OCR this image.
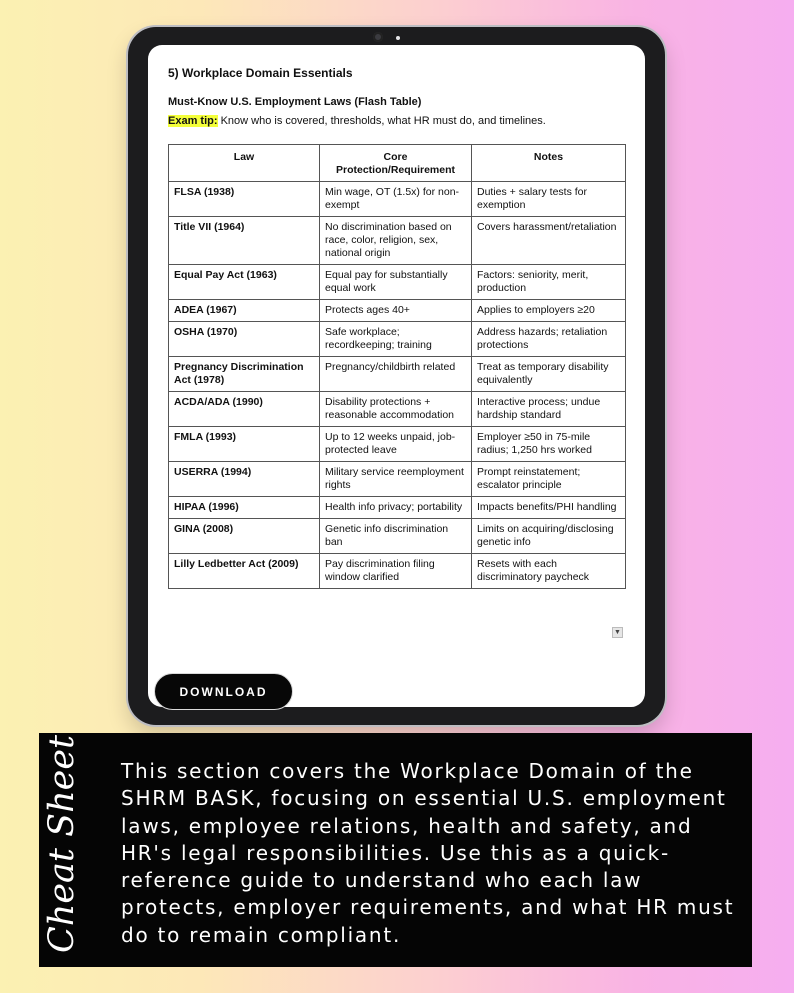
5) Workplace Domain Essentials
Must-Know U.S. Employment Laws (Flash Table)
Exam tip: Know who is covered, thresholds, what HR must do, and timelines.
Law	Core Protection/Requirement	Notes
FLSA (1938)	Min wage, OT (1.5x) for non-exempt	Duties + salary tests for exemption
Title VII (1964)	No discrimination based on race, color, religion, sex, national origin	Covers harassment/retaliation
Equal Pay Act (1963)	Equal pay for substantially equal work	Factors: seniority, merit, production
ADEA (1967)	Protects ages 40+	Applies to employers ≥20
OSHA (1970)	Safe workplace; recordkeeping; training	Address hazards; retaliation protections
Pregnancy Discrimination Act (1978)	Pregnancy/childbirth related	Treat as temporary disability equivalently
ACDA/ADA (1990)	Disability protections + reasonable accommodation	Interactive process; undue hardship standard
FMLA (1993)	Up to 12 weeks unpaid, job-protected leave	Employer ≥50 in 75-mile radius; 1,250 hrs worked
USERRA (1994)	Military service reemployment rights	Prompt reinstatement; escalator principle
HIPAA (1996)	Health info privacy; portability	Impacts benefits/PHI handling
GINA (2008)	Genetic info discrimination ban	Limits on acquiring/disclosing genetic info
Lilly Ledbetter Act (2009)	Pay discrimination filing window clarified	Resets with each discriminatory paycheck
▼
DOWNLOAD
Cheat Sheet This section covers the Workplace Domain of the SHRM BASK, focusing on essential U.S. employment laws, employee relations, health and safety, and HR's legal responsibilities. Use this as a quick-reference guide to understand who each law protects, employer requirements, and what HR must do to remain compliant.
